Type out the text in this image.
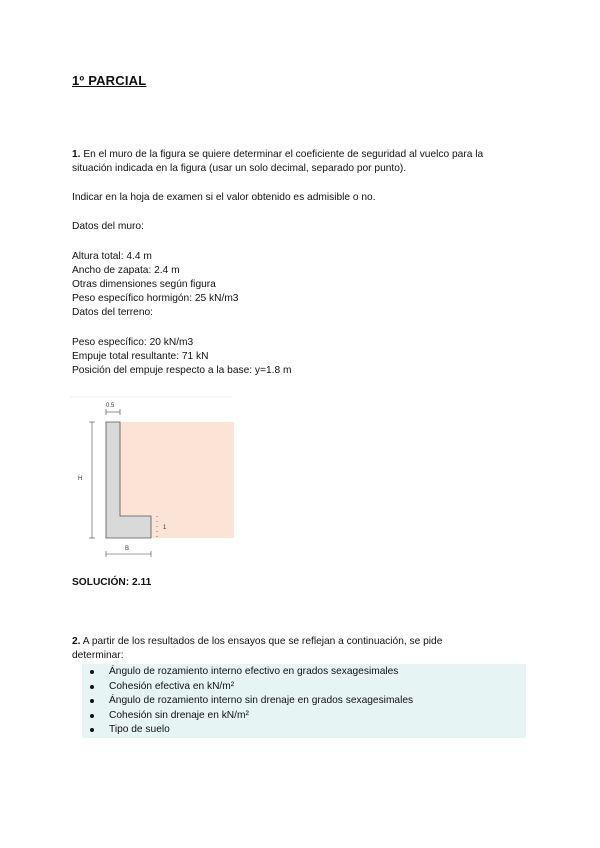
1º PARCIAL
1. En el muro de la figura se quiere determinar el coeficiente de seguridad al vuelco para la
situación indicada en la figura (usar un solo decimal, separado por punto).
Indicar en la hoja de examen si el valor obtenido es admisible o no.
Datos del muro:
Altura total: 4.4 m
Ancho de zapata: 2.4 m
Otras dimensiones según figura
Peso específico hormigón: 25 kN/m3
Datos del terreno:
Peso específico: 20 kN/m3
Empuje total resultante: 71 kN
Posición del empuje respecto a la base: y=1.8 m
0.5
H
1
B
SOLUCIÓN: 2.11
2. A partir de los resultados de los ensayos que se reflejan a continuación, se pide
determinar:
Ángulo de rozamiento interno efectivo en grados sexagesimales
Cohesión efectiva en kN/m²
Ángulo de rozamiento interno sin drenaje en grados sexagesimales
Cohesión sin drenaje en kN/m²
Tipo de suelo
